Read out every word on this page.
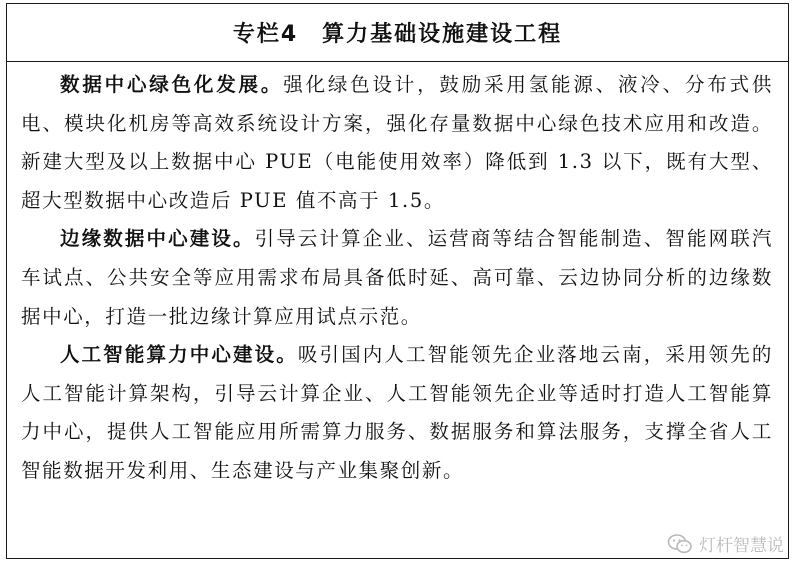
专栏4 算力基础设施建设工程

数据中心绿色化发展。强化绿色设计，鼓励采用氢能源、液冷、分布式供电、模块化机房等高效系统设计方案，强化存量数据中心绿色技术应用和改造。新建大型及以上数据中心 PUE（电能使用效率）降低到 1.3 以下，既有大型、超大型数据中心改造后 PUE 值不高于 1.5。

边缘数据中心建设。引导云计算企业、运营商等结合智能制造、智能网联汽车试点、公共安全等应用需求布局具备低时延、高可靠、云边协同分析的边缘数据中心，打造一批边缘计算应用试点示范。

人工智能算力中心建设。吸引国内人工智能领先企业落地云南，采用领先的人工智能计算架构，引导云计算企业、人工智能领先企业等适时打造人工智能算力中心，提供人工智能应用所需算力服务、数据服务和算法服务，支撑全省人工智能数据开发利用、生态建设与产业集聚创新。

灯杆智慧说
